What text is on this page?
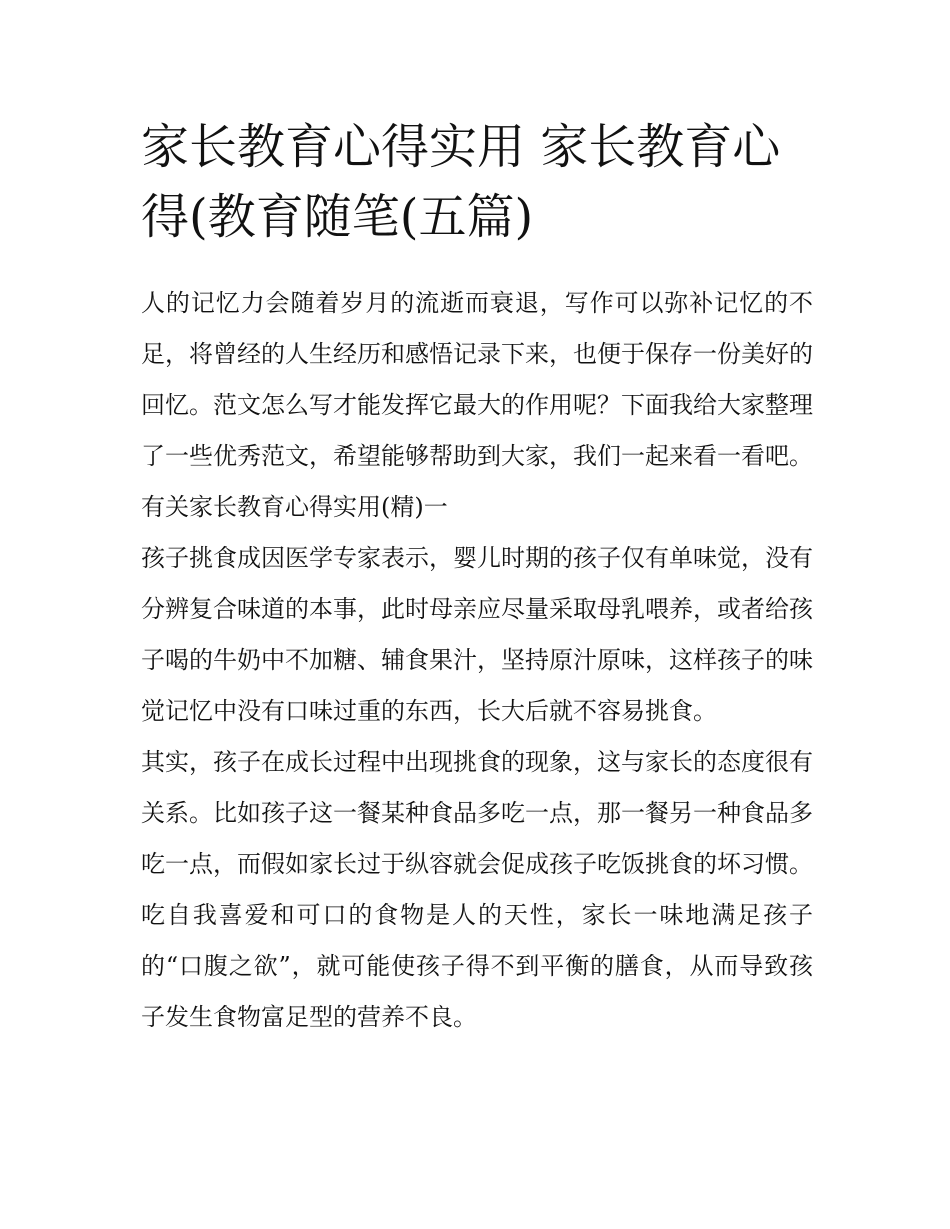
家长教育心得实用 家长教育心得(教育随笔(五篇)

人的记忆力会随着岁月的流逝而衰退，写作可以弥补记忆的不足，将曾经的人生经历和感悟记录下来，也便于保存一份美好的回忆。范文怎么写才能发挥它最大的作用呢？下面我给大家整理了一些优秀范文，希望能够帮助到大家，我们一起来看一看吧。

有关家长教育心得实用(精)一

孩子挑食成因医学专家表示，婴儿时期的孩子仅有单味觉，没有分辨复合味道的本事，此时母亲应尽量采取母乳喂养，或者给孩子喝的牛奶中不加糖、辅食果汁，坚持原汁原味，这样孩子的味觉记忆中没有口味过重的东西，长大后就不容易挑食。

其实，孩子在成长过程中出现挑食的现象，这与家长的态度很有关系。比如孩子这一餐某种食品多吃一点，那一餐另一种食品多吃一点，而假如家长过于纵容就会促成孩子吃饭挑食的坏习惯。吃自我喜爱和可口的食物是人的天性，家长一味地满足孩子的“口腹之欲”，就可能使孩子得不到平衡的膳食，从而导致孩子发生食物富足型的营养不良。
